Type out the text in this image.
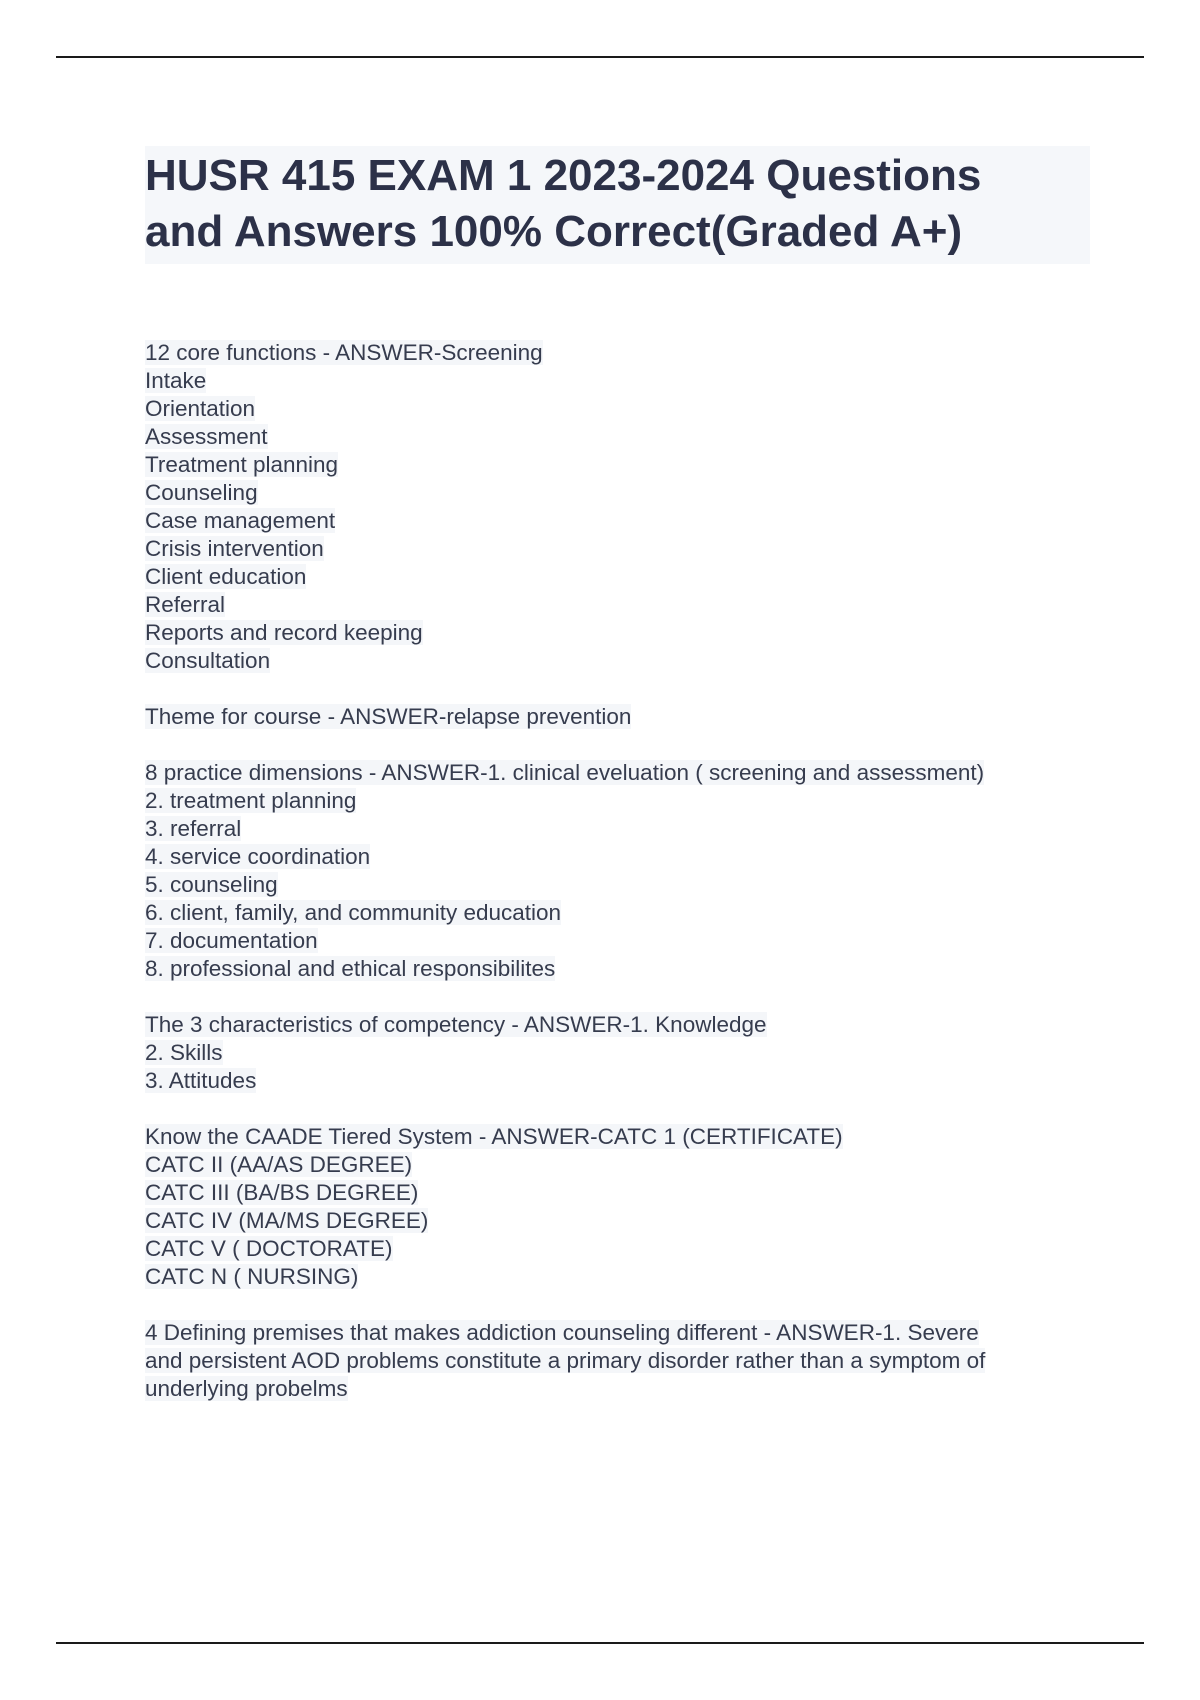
HUSR 415 EXAM 1 2023-2024 Questions
and Answers 100% Correct(Graded A+)
12 core functions - ANSWER-Screening
Intake
Orientation
Assessment
Treatment planning
Counseling
Case management
Crisis intervention
Client education
Referral
Reports and record keeping
Consultation
Theme for course - ANSWER-relapse prevention
8 practice dimensions - ANSWER-1. clinical eveluation ( screening and assessment)
2. treatment planning
3. referral
4. service coordination
5. counseling
6. client, family, and community education
7. documentation
8. professional and ethical responsibilites
The 3 characteristics of competency - ANSWER-1. Knowledge
2. Skills
3. Attitudes
Know the CAADE Tiered System - ANSWER-CATC 1 (CERTIFICATE)
CATC II (AA/AS DEGREE)
CATC III (BA/BS DEGREE)
CATC IV (MA/MS DEGREE)
CATC V ( DOCTORATE)
CATC N ( NURSING)
4 Defining premises that makes addiction counseling different - ANSWER-1. Severe
and persistent AOD problems constitute a primary disorder rather than a symptom of
underlying probelms
